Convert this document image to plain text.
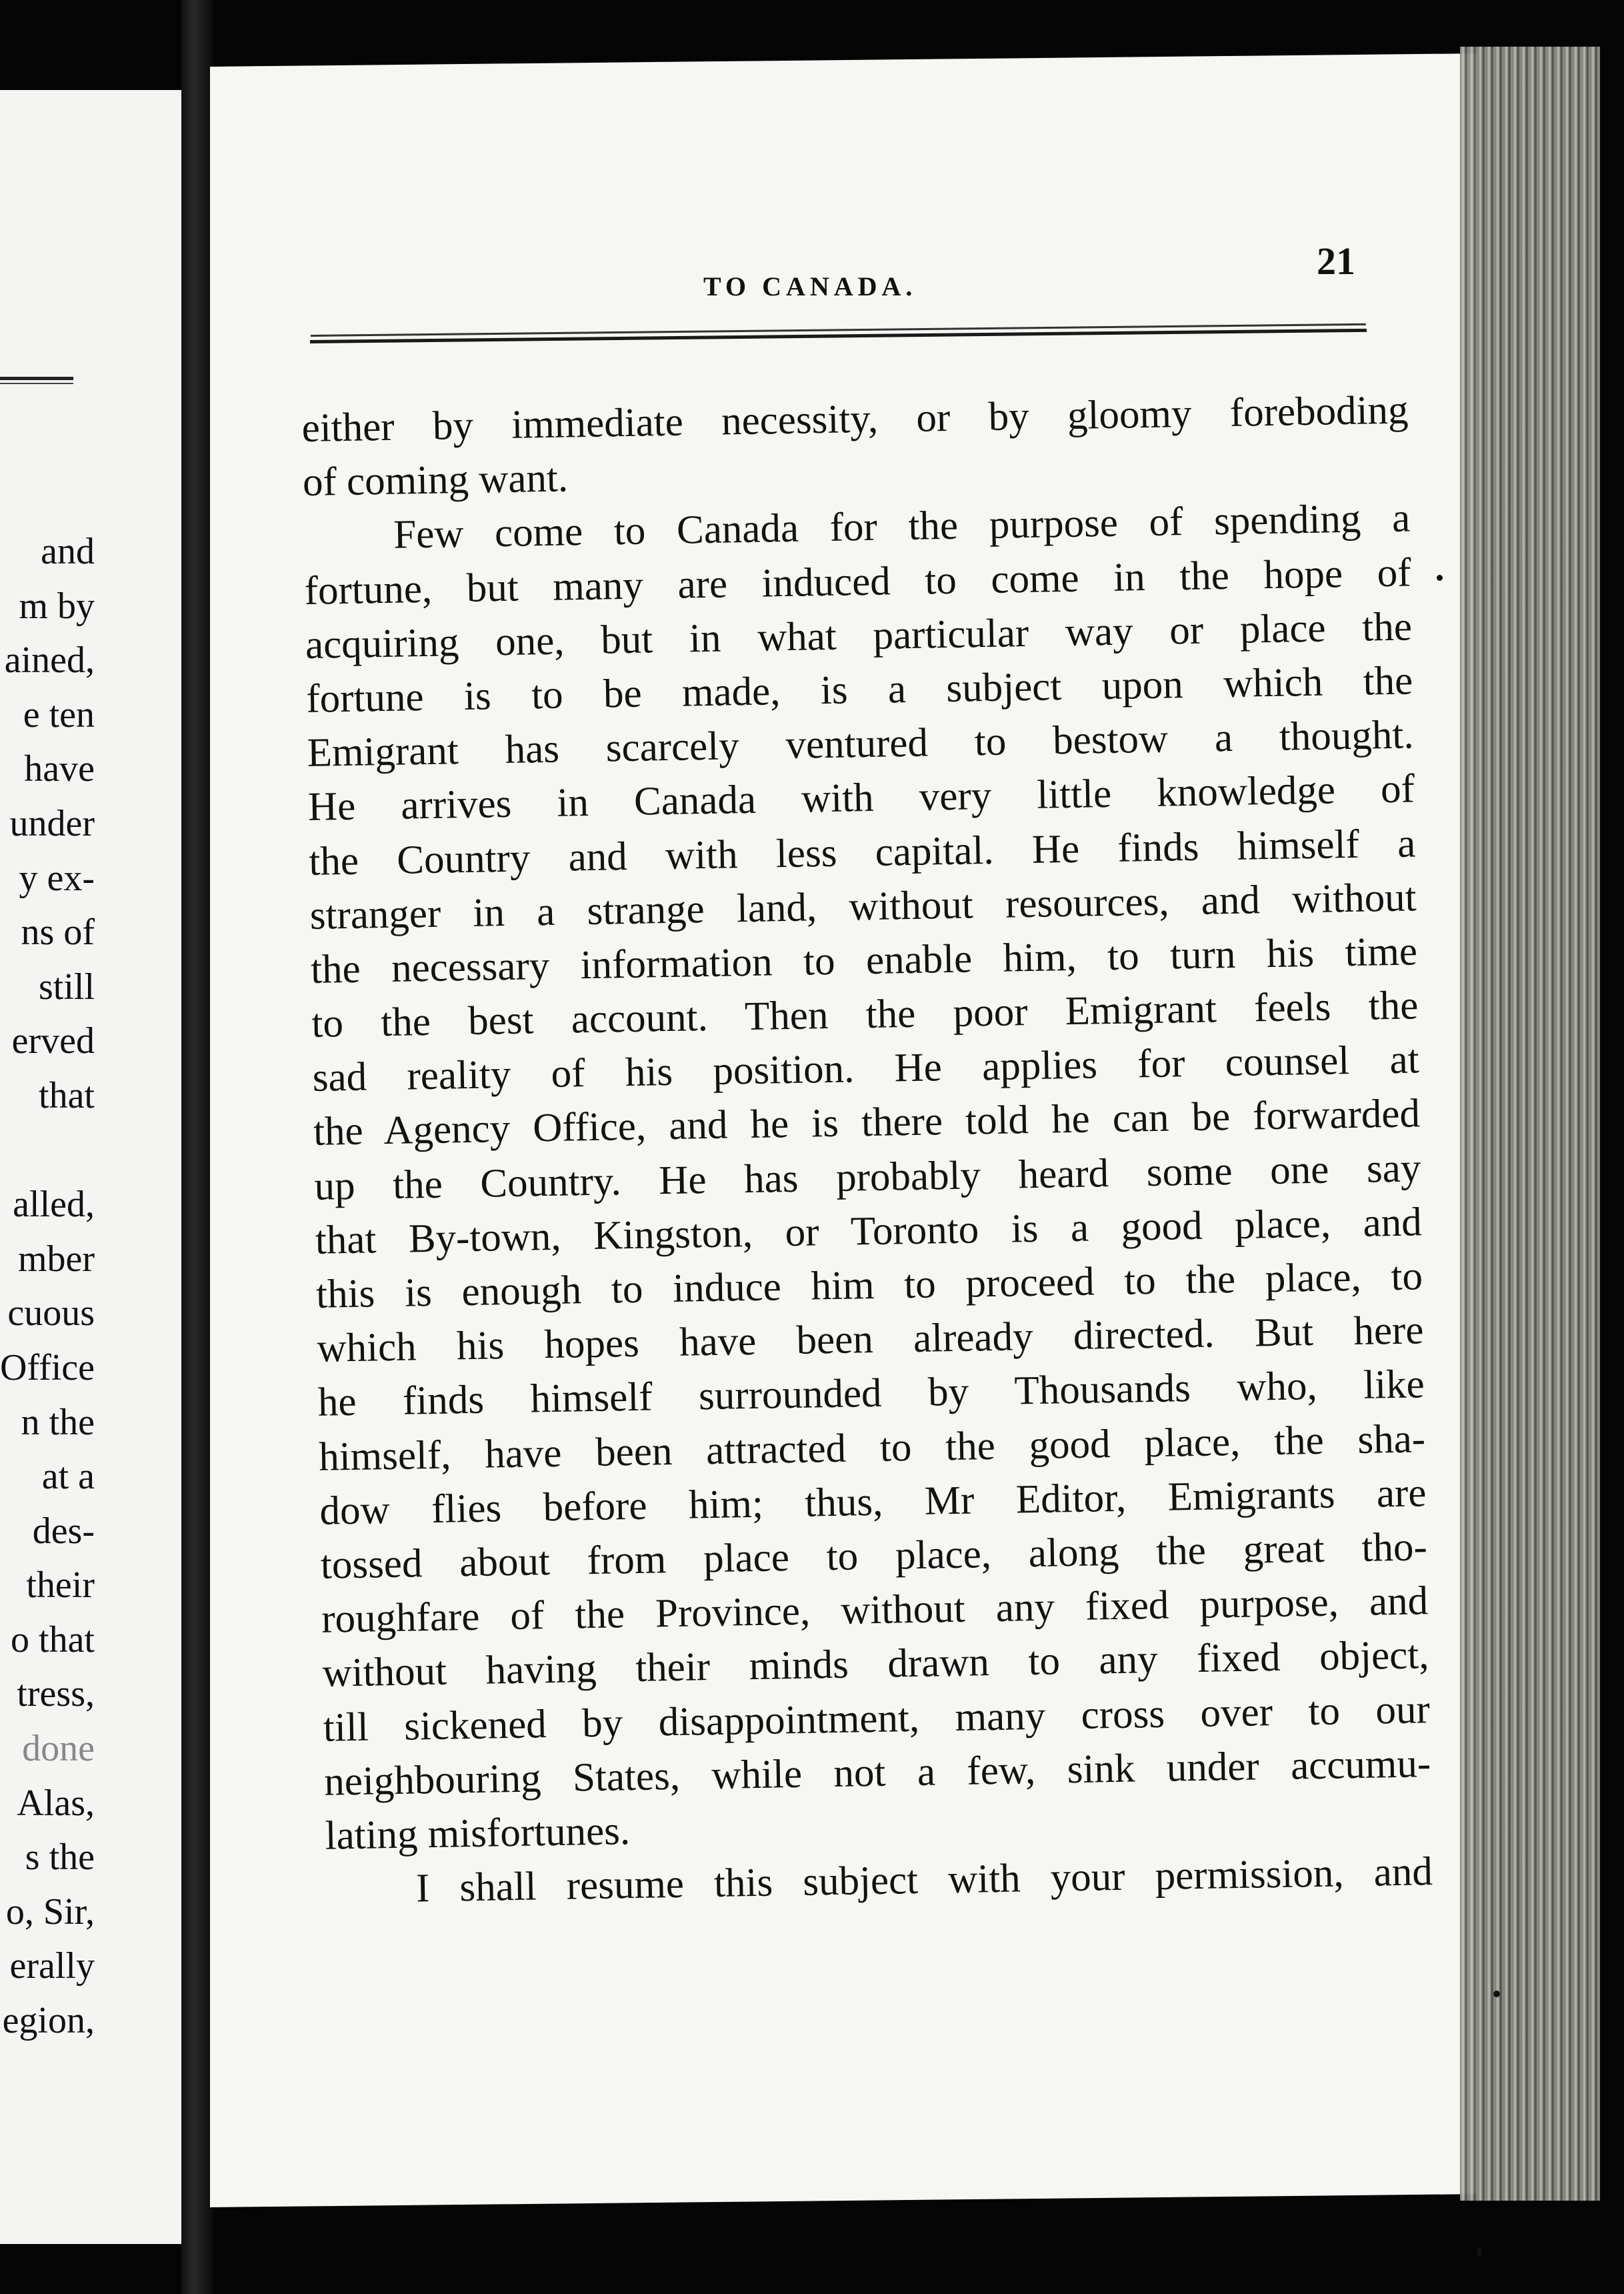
and
m by
ained,
e ten
have
under
y ex-
ns of
still
erved
that
alled,
mber
cuous
Office
n the
at a
des-
their
o that
tress,
done
Alas,
s the
o, Sir,
erally
egion,
TO CANADA.
21
either by immediate necessity, or by gloomy foreboding
of coming want.
Few come to Canada for the purpose of spending a
fortune, but many are induced to come in the hope of
acquiring one, but in what particular way or place the
fortune is to be made, is a subject upon which the
Emigrant has scarcely ventured to bestow a thought.
He arrives in Canada with very little knowledge of
the Country and with less capital. He finds himself a
stranger in a strange land, without resources, and without
the necessary information to enable him, to turn his time
to the best account. Then the poor Emigrant feels the
sad reality of his position. He applies for counsel at
the Agency Office, and he is there told he can be forwarded
up the Country. He has probably heard some one say
that By-town, Kingston, or Toronto is a good place, and
this is enough to induce him to proceed to the place, to
which his hopes have been already directed. But here
he finds himself surrounded by Thousands who, like
himself, have been attracted to the good place, the sha-
dow flies before him; thus, Mr Editor, Emigrants are
tossed about from place to place, along the great tho-
roughfare of the Province, without any fixed purpose, and
without having their minds drawn to any fixed object,
till sickened by disappointment, many cross over to our
neighbouring States, while not a few, sink under accumu-
lating misfortunes.
I shall resume this subject with your permission, and
